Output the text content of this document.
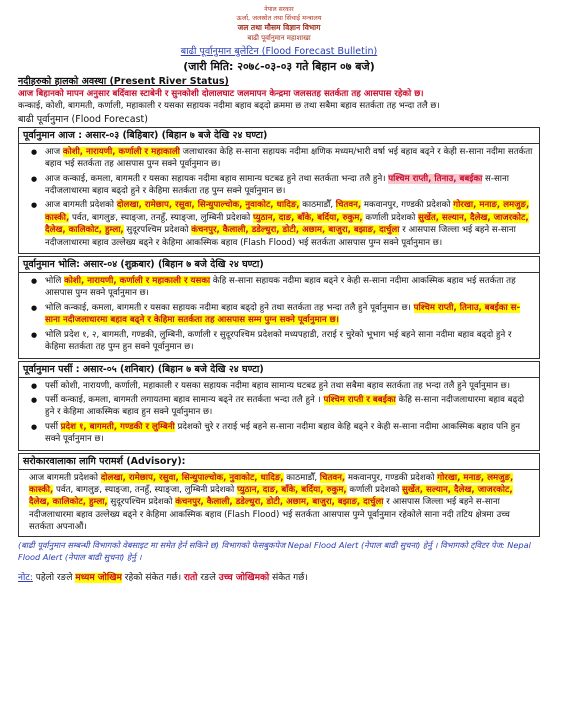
नेपाल सरकार
ऊर्जा, जलस्रोत तथा सिंचाई मन्त्रालय
जल तथा मौसम विज्ञान विभाग
बाढी पूर्वानुमान महाशाखा
बाढी पूर्वानुमान बुलेटिन (Flood Forecast Bulletin)
(जारी मिति: २०७८-०३-०३ गते बिहान ०७ बजे)
नदीहरुको हालको अवस्था (Present River Status)

आज बिहानको मापन अनुसार बर्दिवास स्टाबेनी र सुनकोशी दोलालघाट जलमापन केन्द्रमा जलसतह सतर्कता तह आसपास रहेको छ।

कन्काई, कोशी, बागमती, कर्णाली, महाकाली र यसका सहायक नदीमा बहाव बढ्दो क्रममा छ तथा सबैमा बहाव सतर्कता तह भन्दा तलै छ।

बाढी पूर्वानुमान (Flood Forecast)
पूर्वानुमान आज : असार-०३ (बिहिबार) (बिहान ७ बजे देखि २४ घण्टा)
● आज कोशी, नारायणी, कर्णाली र महाकाली जलाधारका केहि स-साना सहायक नदीमा क्षणिक मध्यम/भारी वर्षा भई बहाव बढ्ने र केही स-साना नदीमा सतर्कता बहाव भई सतर्कता तह आसपास पुग्न सक्ने पूर्वानुमान छ।
● आज कन्काई, कमला, बागमती र यसका सहायक नदीमा बहाव सामान्य घटबढ हुने तथा सतर्कता भन्दा तलै हुने। पश्चिम राप्ती, तिनाउ, बबईका स-साना नदीजलाधारमा बहाव बढ्दो हुने र केहिमा सतर्कता तह पुग्न सक्ने पूर्वानुमान छ।
● आज बागमती प्रदेशको दोलखा, रामेछाप, रसुवा, सिन्धुपाल्चोक, नुवाकोट, धादिङ, काठमाडौँ, चितवन, मकवानपुर, गण्डकी प्रदेशको गोरखा, मनाङ, लमजुङ, कास्की, पर्वत, बागलुङ, स्याङ्जा, तनहुँ, स्याङ्जा, लुम्बिनी प्रदेशको प्युठान, दाङ, बाँके, बर्दिया, रुकुम, कर्णाली प्रदेशको सुर्खेत, सल्यान, दैलेख, जाजरकोट, दैलेख, कालिकोट, हुम्ला, सुदूरपश्चिम प्रदेशको कंचनपुर, कैलाली, डडेल्धुरा, डोटी, अछाम, बाजुरा, बझाङ, दार्चुला र आसपास जिल्ला भई बहने स-साना नदीजलाधारमा बहाव उल्लेख्य बढ्ने र केहिमा आकस्मिक बहाव (Flash Flood) भई सतर्कता आसपास पुग्न सक्ने पूर्वानुमान छ।
पूर्वानुमान भोलि: असार-०४ (शुक्रबार) (बिहान ७ बजे देखि २४ घण्टा)
● भोलि कोशी, नारायणी, कर्णाली र महाकाली र यसका केहि स-साना सहायक नदीमा बहाव बढ्ने र केही स-साना नदीमा आकस्मिक बहाव भई सतर्कता तह आसपास पुग्न सक्ने पूर्वानुमान छ।
● भोलि कन्काई, कमला, बागमती र यसका सहायक नदीमा बहाव बढ्दो हुने तथा सतर्कता तह भन्दा तलै हुने पूर्वानुमान छ। पश्चिम राप्ती, तिनाउ, बबईका स-साना नदीजलाधारमा बहाव बढ्ने र केहिमा सतर्कता तह आसपास सम्म पुग्न सक्ने पूर्वानुमान छ।
● भोलि प्रदेश १, २, बागमती, गण्डकी, लुम्बिनी, कर्णाली र सुदूरपश्चिम प्रदेशको मध्यपहाडी, तराई र चुरेको भूभाग भई बहने साना नदीमा बहाव बढ्दो हुने र केहिमा सतर्कता तह पुग्न हुन सक्ने पूर्वानुमान छ।
पूर्वानुमान पर्सी : असार-०५ (शनिबार) (बिहान ७ बजे देखि २४ घण्टा)
● पर्सी कोशी, नारायणी, कर्णाली, महाकाली र यसका सहायक नदीमा बहाव सामान्य घटबढ हुने तथा सबैमा बहाव सतर्कता तह भन्दा तलै हुने पूर्वानुमान छ।
● पर्सी कन्काई, कमला, बागमती लगायतमा बहाव सामान्य बढ्ने तर सतर्कता भन्दा तलै हुने । पश्चिम राप्ती र बबईका केहि स-साना नदीजलाधारमा बहाव बढ्दो हुने र केहिमा आकस्मिक बहाव हुन सक्ने पूर्वानुमान छ।
● पर्सी प्रदेश १, बागमती, गण्डकी र लुम्बिनी प्रदेशको चुरे र तराई भई बहने स-साना नदीमा बहाव केहि बढ्ने र केही स-साना नदीमा आकस्मिक बहाव पनि हुन सक्ने पूर्वानुमान छ।
सरोकारवालाका लागि परामर्श (Advisory):

आज बागमती प्रदेशको दोलखा, रामेछाप, रसुवा, सिन्धुपाल्चोक, नुवाकोट, धादिङ, काठमाडौँ, चितवन, मकवानपुर, गण्डकी प्रदेशको गोरखा, मनाङ, लमजुङ, कास्की, पर्वत, बागलुङ, स्याङ्जा, तनहुँ, स्याङ्जा, लुम्बिनी प्रदेशको प्युठान, दाङ, बाँके, बर्दिया, रुकुम, कर्णाली प्रदेशको सुर्खेत, सल्यान, दैलेख, जाजरकोट, दैलेख, कालिकोट, हुम्ला, सुदूरपश्चिम प्रदेशको कंचनपुर, कैलाली, डडेल्धुरा, डोटी, अछाम, बाजुरा, बझाङ, दार्चुला र आसपास जिल्ला भई बहने स-साना नदीजलाधारमा बहाव उल्लेख्य बढ्ने र केहिमा आकस्मिक बहाव (Flash Flood) भई सतर्कता आसपास पुग्ने पूर्वानुमान रहेकोले साना नदी तटिय क्षेत्रमा उच्च सतर्कता अपनाऔं।

(बाढी पूर्वानुमान सम्बन्धी विभागको वेबसाइट मा समेत हेर्न सकिने छ) विभागको फेसबुकपेज Nepal Flood Alert (नेपाल बाढी सुचना) हेर्नु । विभागको ट्विटर पेज: Nepal Flood Alert (नेपाल बाढी सुचना) हेर्नु ।
नोट: पहेलो रङले मध्यम जोखिम रहेको संकेत गर्छ। रातो रङले उच्च जोखिमको संकेत गर्छ।
